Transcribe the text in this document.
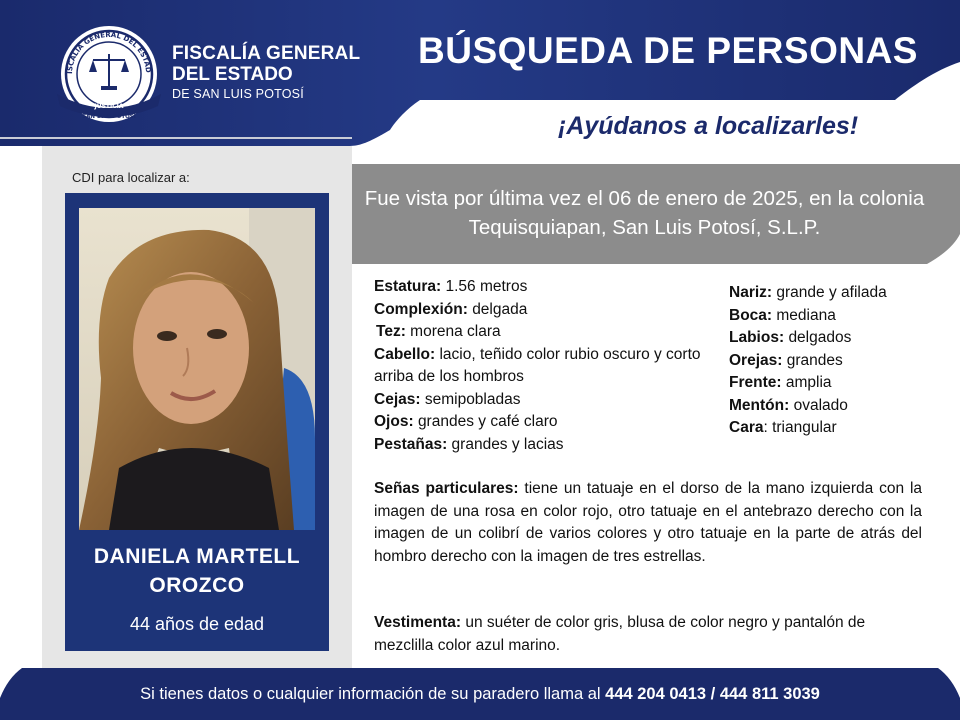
ISCALÍA GENERAL DEL ESTAD
JUSTICIA
SAN LUIS POTOSÍ
FISCALÍA GENERAL
DEL ESTADO
DE SAN LUIS POTOSÍ
BÚSQUEDA DE PERSONAS
¡Ayúdanos a localizarles!
CDI para localizar a:
DANIELA MARTELL
OROZCO
44 años de edad
Fue vista por última vez el 06 de enero de 2025, en la colonia Tequisquiapan, San Luis Potosí, S.L.P.
Estatura: 1.56 metros
Complexión: delgada
Tez: morena clara
Cabello: lacio, teñido color rubio oscuro y corto arriba de los hombros
Cejas: semipobladas
Ojos: grandes y café claro
Pestañas: grandes y lacias
Nariz: grande y afilada
Boca: mediana
Labios: delgados
Orejas: grandes
Frente: amplia
Mentón: ovalado
Cara: triangular
Señas particulares: tiene un tatuaje en el dorso de la mano izquierda con la imagen de una rosa en color rojo, otro tatuaje en el antebrazo derecho con la imagen de un colibrí de varios colores y otro tatuaje en la parte de atrás del hombro derecho con la imagen de tres estrellas.
Vestimenta: un suéter de color gris, blusa de color negro y pantalón de mezclilla color azul marino.
Si tienes datos o cualquier información de su paradero llama al 444 204 0413 / 444 811 3039
